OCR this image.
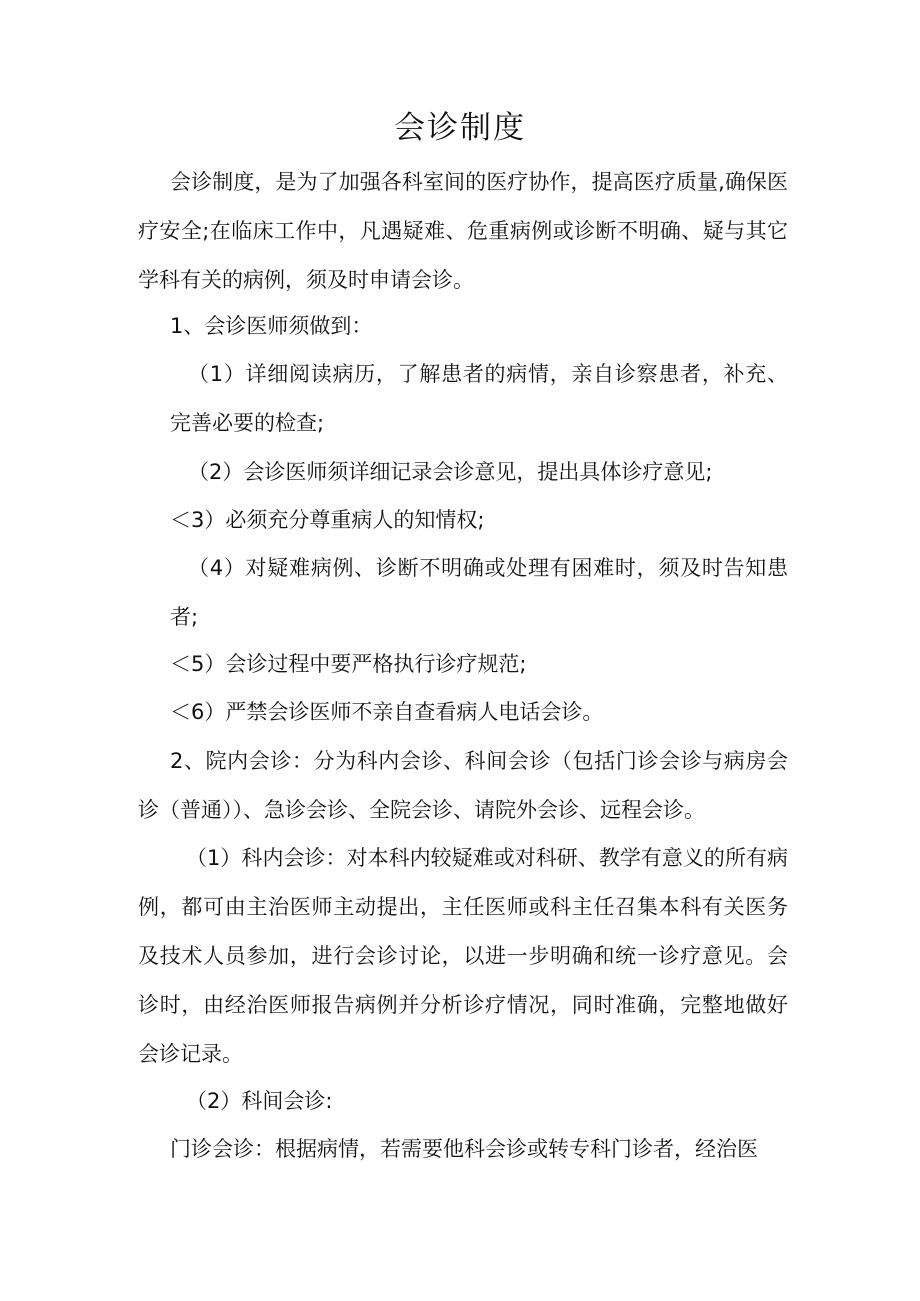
会诊制度

会诊制度，是为了加强各科室间的医疗协作，提高医疗质量,确保医疗安全;在临床工作中，凡遇疑难、危重病例或诊断不明确、疑与其它学科有关的病例，须及时申请会诊。

1、会诊医师须做到：

（1）详细阅读病历，了解患者的病情，亲自诊察患者，补充、完善必要的检查;

（2）会诊医师须详细记录会诊意见，提出具体诊疗意见;

＜3）必须充分尊重病人的知情权;

（4）对疑难病例、诊断不明确或处理有困难时，须及时告知患者;

＜5）会诊过程中要严格执行诊疗规范;

＜6）严禁会诊医师不亲自查看病人电话会诊。

2、院内会诊：分为科内会诊、科间会诊（包括门诊会诊与病房会诊（普通））、急诊会诊、全院会诊、请院外会诊、远程会诊。

（1）科内会诊：对本科内较疑难或对科研、教学有意义的所有病例，都可由主治医师主动提出，主任医师或科主任召集本科有关医务及技术人员参加，进行会诊讨论，以进一步明确和统一诊疗意见。会诊时，由经治医师报告病例并分析诊疗情况，同时准确，完整地做好会诊记录。

（2）科间会诊:

门诊会诊：根据病情，若需要他科会诊或转专科门诊者，经治医
